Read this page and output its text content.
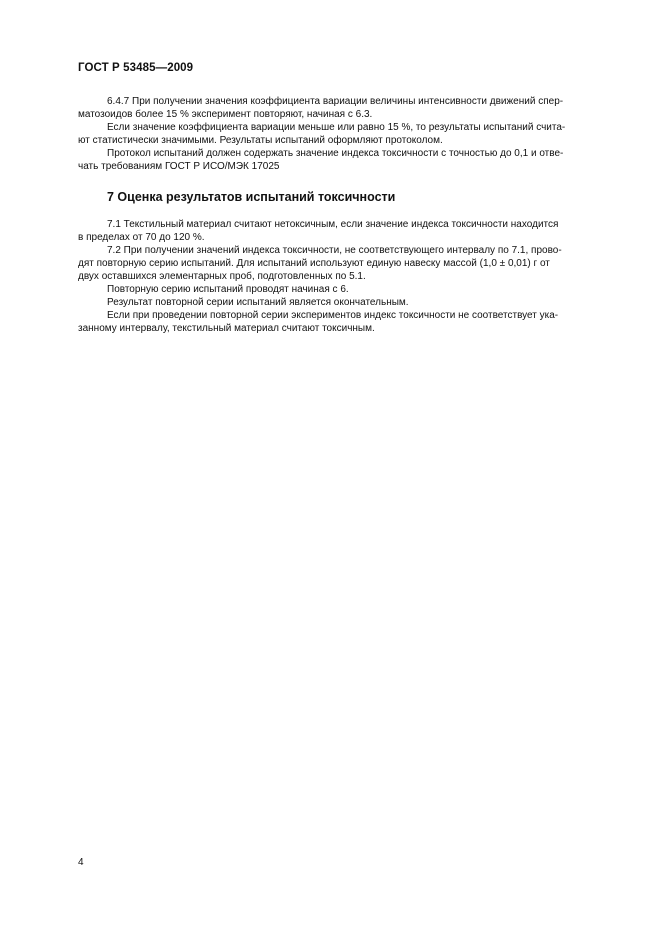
ГОСТ Р 53485—2009

6.4.7 При получении значения коэффициента вариации величины интенсивности движений спер-

матозоидов более 15 % эксперимент повторяют, начиная с 6.3.

Если значение коэффициента вариации меньше или равно 15 %, то результаты испытаний счита-

ют статистически значимыми. Результаты испытаний оформляют протоколом.

Протокол испытаний должен содержать значение индекса токсичности с точностью до 0,1 и отве-

чать требованиям ГОСТ Р ИСО/МЭК 17025

7 Оценка результатов испытаний токсичности

7.1 Текстильный материал считают нетоксичным, если значение индекса токсичности находится

в пределах от 70 до 120 %.

7.2 При получении значений индекса токсичности, не соответствующего интервалу по 7.1, прово-

дят повторную серию испытаний. Для испытаний используют единую навеску массой (1,0 ± 0,01) г от

двух оставшихся элементарных проб, подготовленных по 5.1.

Повторную серию испытаний проводят начиная с 6.

Результат повторной серии испытаний является окончательным.

Если при проведении повторной серии экспериментов индекс токсичности не соответствует ука-

занному интервалу, текстильный материал считают токсичным.

4
